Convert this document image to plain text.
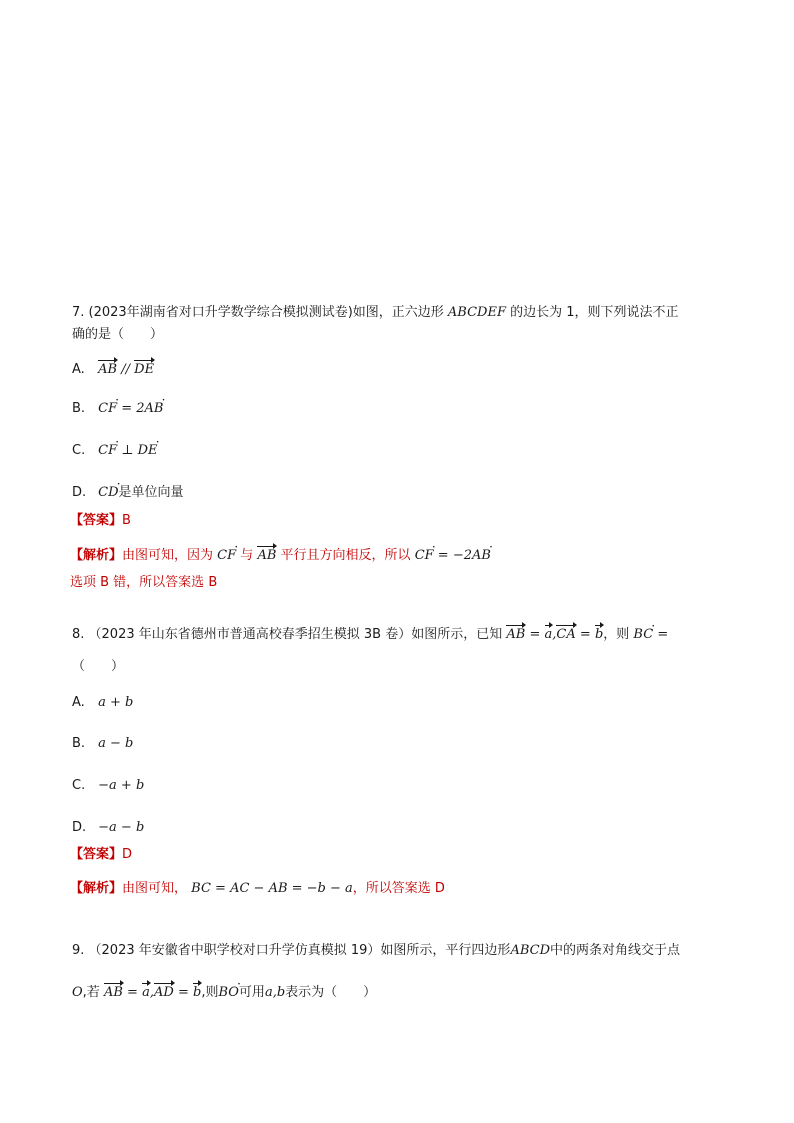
7. (2023年湖南省对口升学数学综合模拟测试卷)如图，正六边形 ABCDEF 的边长为 1，则下列说法不正
确的是（　　）
A. AB // DE
B. CF · = 2AB ·
C. CF · ⊥ DE ·
D. CD ·是单位向量
【答案】B
【解析】由图可知，因为 CF · 与 AB 平行且方向相反，所以 CF · = −2AB ·
选项 B 错，所以答案选 B
8. （2023 年山东省德州市普通高校春季招生模拟 3B 卷）如图所示，已知 AB = a,CA = b，则 BC · =
（　　）
A. a + b
B. a − b
C. −a + b
D. −a − b
【答案】D
【解析】由图可知， BC = AC − AB = −b − a，所以答案选 D
9. （2023 年安徽省中职学校对口升学仿真模拟 19）如图所示，平行四边形ABCD中的两条对角线交于点
O,若 AB = a,AD = b,则BO ·可用a,b表示为（　　）
